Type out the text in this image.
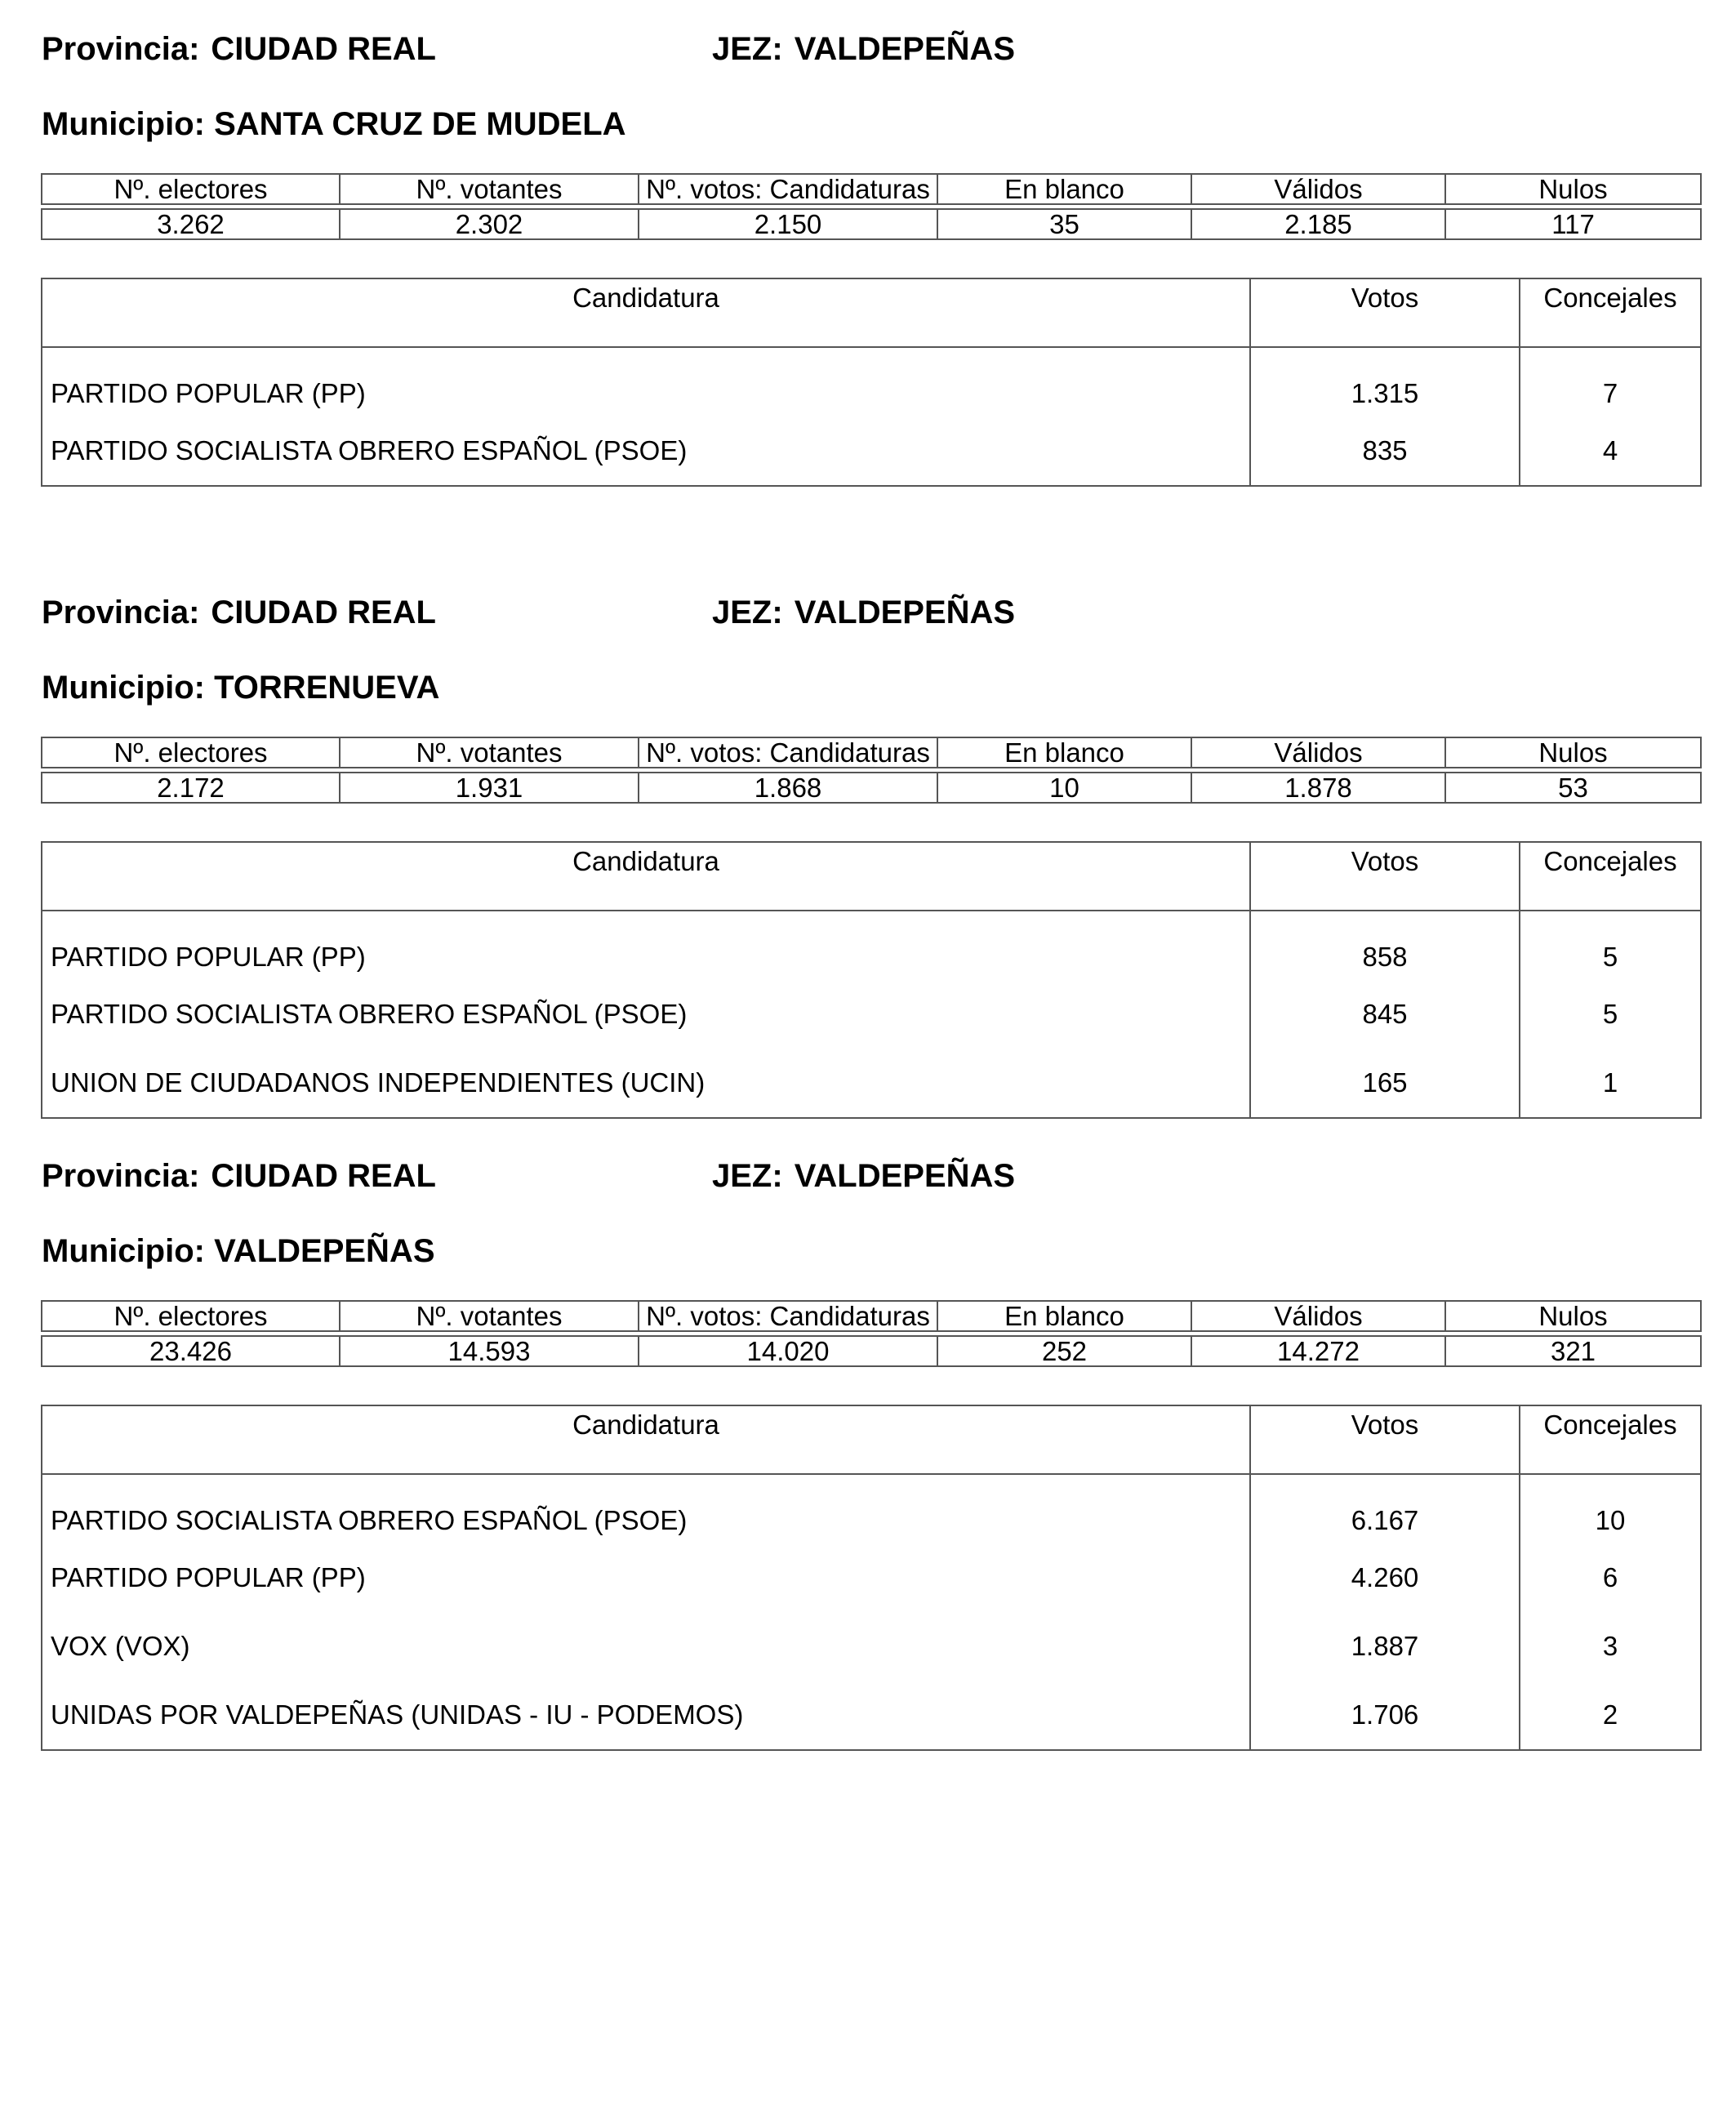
Provincia: CIUDAD REAL	JEZ: VALDEPEÑAS
Municipio: SANTA CRUZ DE MUDELA
Nº. electores	Nº. votantes	Nº. votos: Candidaturas	En blanco	Válidos	Nulos

3.262	2.302	2.150	35	2.185	117
Candidatura	Votos	Concejales
PARTIDO POPULAR (PP)	1.315	7
PARTIDO SOCIALISTA OBRERO ESPAÑOL (PSOE)	835	4
Provincia: CIUDAD REAL	JEZ: VALDEPEÑAS
Municipio: TORRENUEVA
Nº. electores	Nº. votantes	Nº. votos: Candidaturas	En blanco	Válidos	Nulos

2.172	1.931	1.868	10	1.878	53
Candidatura	Votos	Concejales
PARTIDO POPULAR (PP)	858	5
PARTIDO SOCIALISTA OBRERO ESPAÑOL (PSOE)	845	5
UNION DE CIUDADANOS INDEPENDIENTES (UCIN)	165	1
Provincia: CIUDAD REAL	JEZ: VALDEPEÑAS
Municipio: VALDEPEÑAS
Nº. electores	Nº. votantes	Nº. votos: Candidaturas	En blanco	Válidos	Nulos

23.426	14.593	14.020	252	14.272	321
Candidatura	Votos	Concejales
PARTIDO SOCIALISTA OBRERO ESPAÑOL (PSOE)	6.167	10
PARTIDO POPULAR (PP)	4.260	6
VOX (VOX)	1.887	3
UNIDAS POR VALDEPEÑAS (UNIDAS - IU - PODEMOS)	1.706	2
